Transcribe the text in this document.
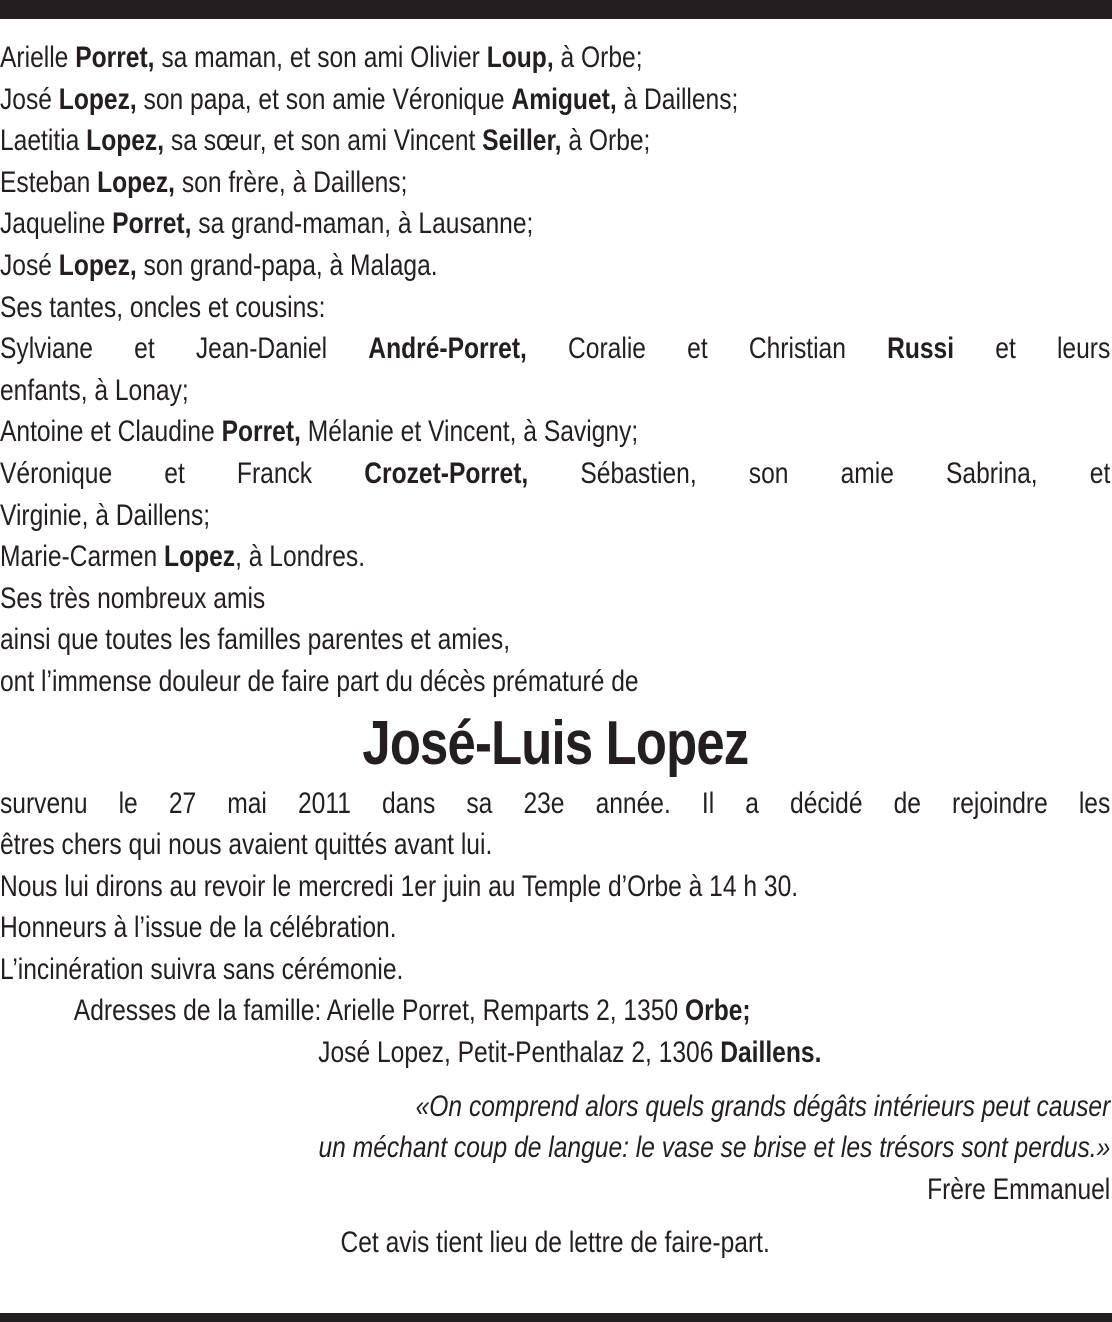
Arielle Porret, sa maman, et son ami Olivier Loup, à Orbe;
José Lopez, son papa, et son amie Véronique Amiguet, à Daillens;
Laetitia Lopez, sa sœur, et son ami Vincent Seiller, à Orbe;
Esteban Lopez, son frère, à Daillens;
Jaqueline Porret, sa grand-maman, à Lausanne;
José Lopez, son grand-papa, à Malaga.
Ses tantes, oncles et cousins:
Sylviane et Jean-Daniel André-Porret, Coralie et Christian Russi et leurs
enfants, à Lonay;
Antoine et Claudine Porret, Mélanie et Vincent, à Savigny;
Véronique et Franck Crozet-Porret, Sébastien, son amie Sabrina, et
Virginie, à Daillens;
Marie-Carmen Lopez, à Londres.
Ses très nombreux amis
ainsi que toutes les familles parentes et amies,
ont l’immense douleur de faire part du décès prématuré de
José-Luis Lopez
survenu le 27 mai 2011 dans sa 23e année. Il a décidé de rejoindre les
êtres chers qui nous avaient quittés avant lui.
Nous lui dirons au revoir le mercredi 1er juin au Temple d’Orbe à 14 h 30.
Honneurs à l’issue de la célébration.
L’incinération suivra sans cérémonie.
Adresses de la famille: Arielle Porret, Remparts 2, 1350 Orbe;
José Lopez, Petit-Penthalaz 2, 1306 Daillens.
«On comprend alors quels grands dégâts intérieurs peut causer
un méchant coup de langue: le vase se brise et les trésors sont perdus.»
Frère Emmanuel
Cet avis tient lieu de lettre de faire-part.
